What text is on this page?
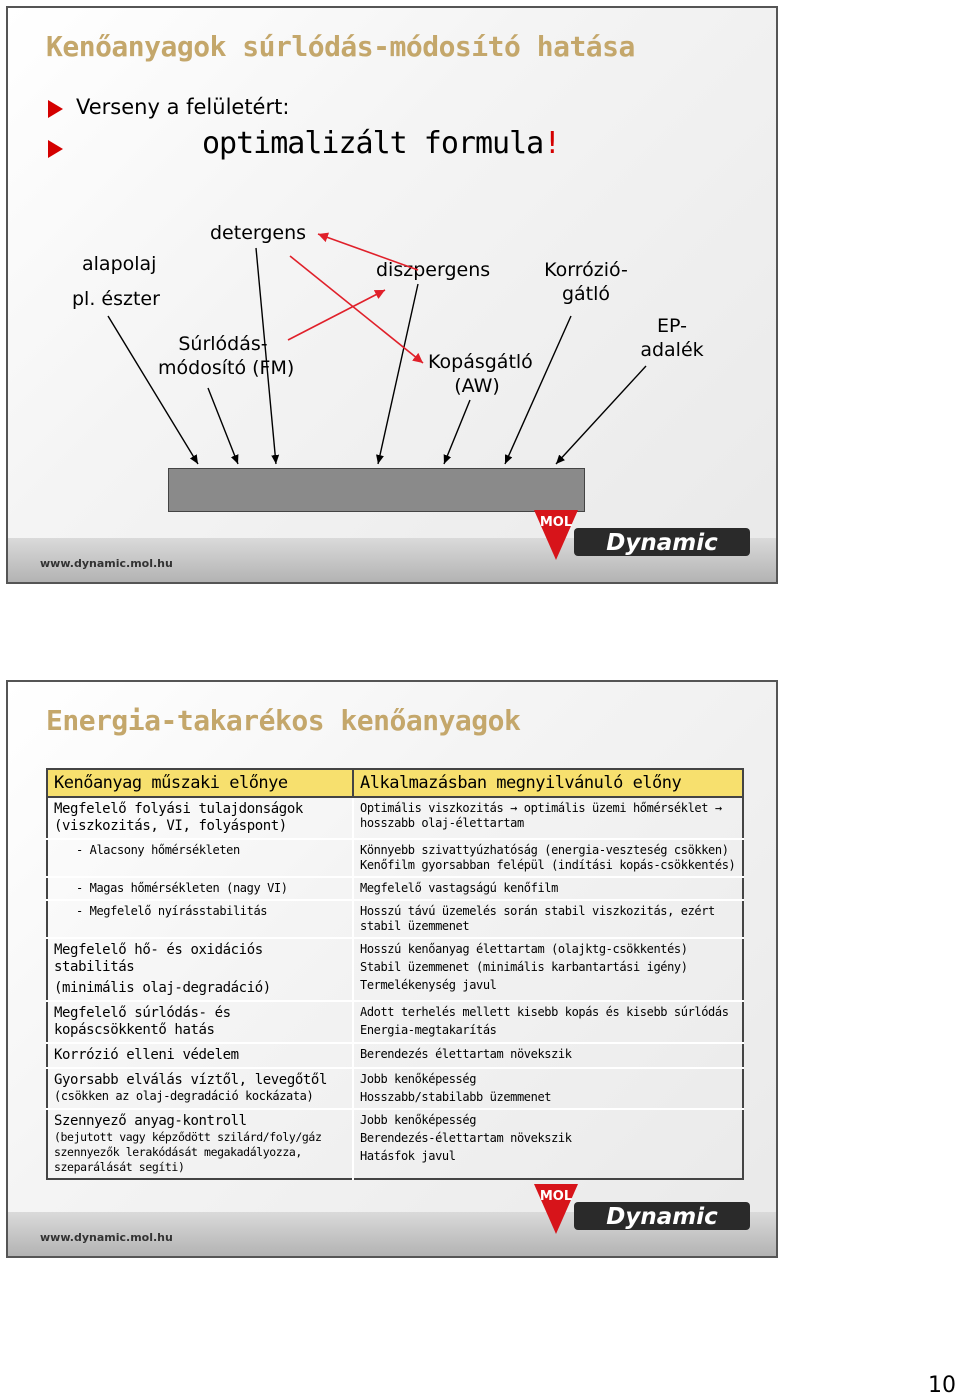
Kenőanyagok súrlódás-módosító hatása
Verseny a felületért:
optimalizált formula!
alapolaj
pl. észter
detergens
diszpergens	Korrózió-
gátló
Súrlódás-
módosító (FM)	Kopásgátló
(AW)
EP-
adalék
www.dynamic.mol.hu
MOL
Dynamic
Energia-takarékos kenőanyagok
Kenőanyag műszaki előnye	Alkalmazásban megnyilvánuló előny

Megfelelő folyási tulajdonságok
(viszkozitás, VI, folyáspont)	Optimális viszkozitás → optimális üzemi hőmérséklet → hosszabb olaj-élettartam

- Alacsony hőmérsékleten	Könnyebb szivattyúzhatóság (energia-veszteség csökken)
Kenőfilm gyorsabban felépül (indítási kopás-csökkentés)

- Magas hőmérsékleten (nagy VI)	Megfelelő vastagságú kenőfilm

- Megfelelő nyírásstabilitás	Hosszú távú üzemelés során stabil viszkozitás, ezért stabil üzemmenet

Megfelelő hő- és oxidációs stabilitás
(minimális olaj-degradáció)	Hosszú kenőanyag élettartam (olajktg-csökkentés)
Stabil üzemmenet (minimális karbantartási igény)
Termelékenység javul

Megfelelő súrlódás- és
kopáscsökkentő hatás	Adott terhelés mellett kisebb kopás és kisebb súrlódás
Energia-megtakarítás

Korrózió elleni védelem	Berendezés élettartam növekszik

Gyorsabb elválás víztől, levegőtől
(csökken az olaj-degradáció kockázata)	Jobb kenőképesség
Hosszabb/stabilabb üzemmenet

Szennyező anyag-kontroll
(bejutott vagy képződött szilárd/foly/gáz szennyezők lerakódását megakadályozza, szeparálását segíti)	Jobb kenőképesség
Berendezés-élettartam növekszik
Hatásfok javul
www.dynamic.mol.hu
MOL
Dynamic
10
